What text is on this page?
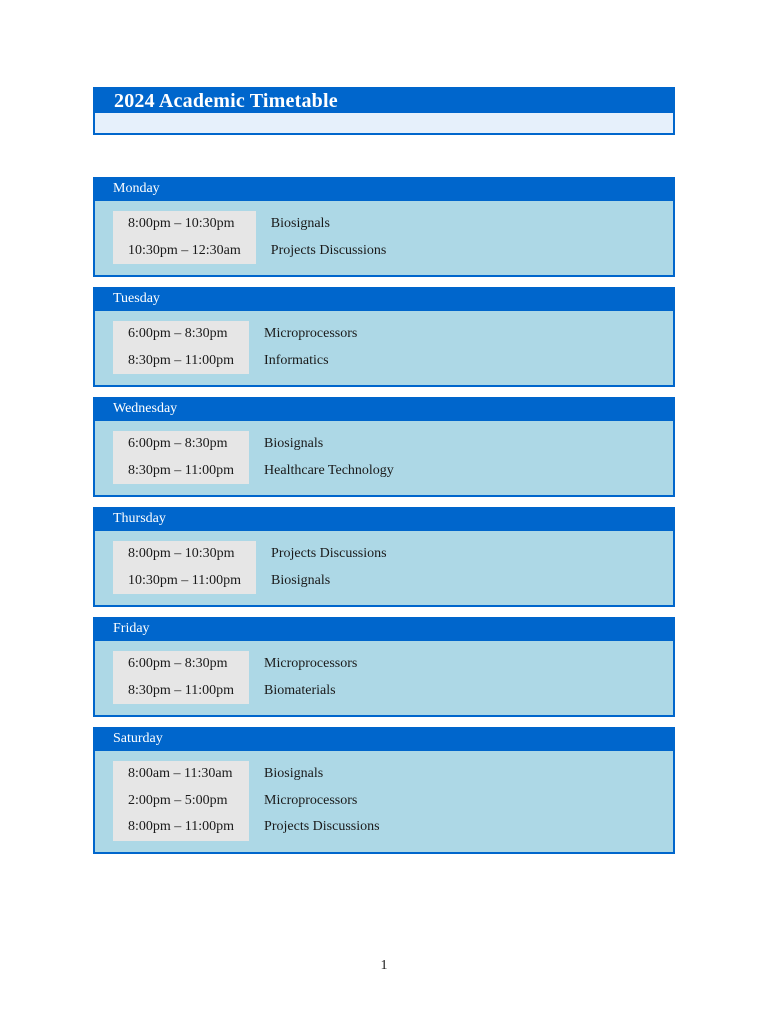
2024 Academic Timetable
Monday
8:00pm – 10:30pm
10:30pm – 12:30am
Biosignals
Projects Discussions
Tuesday
6:00pm – 8:30pm
8:30pm – 11:00pm
Microprocessors
Informatics
Wednesday
6:00pm – 8:30pm
8:30pm – 11:00pm
Biosignals
Healthcare Technology
Thursday
8:00pm – 10:30pm
10:30pm – 11:00pm
Projects Discussions
Biosignals
Friday
6:00pm – 8:30pm
8:30pm – 11:00pm
Microprocessors
Biomaterials
Saturday
8:00am – 11:30am
2:00pm – 5:00pm
8:00pm – 11:00pm
Biosignals
Microprocessors
Projects Discussions
1
